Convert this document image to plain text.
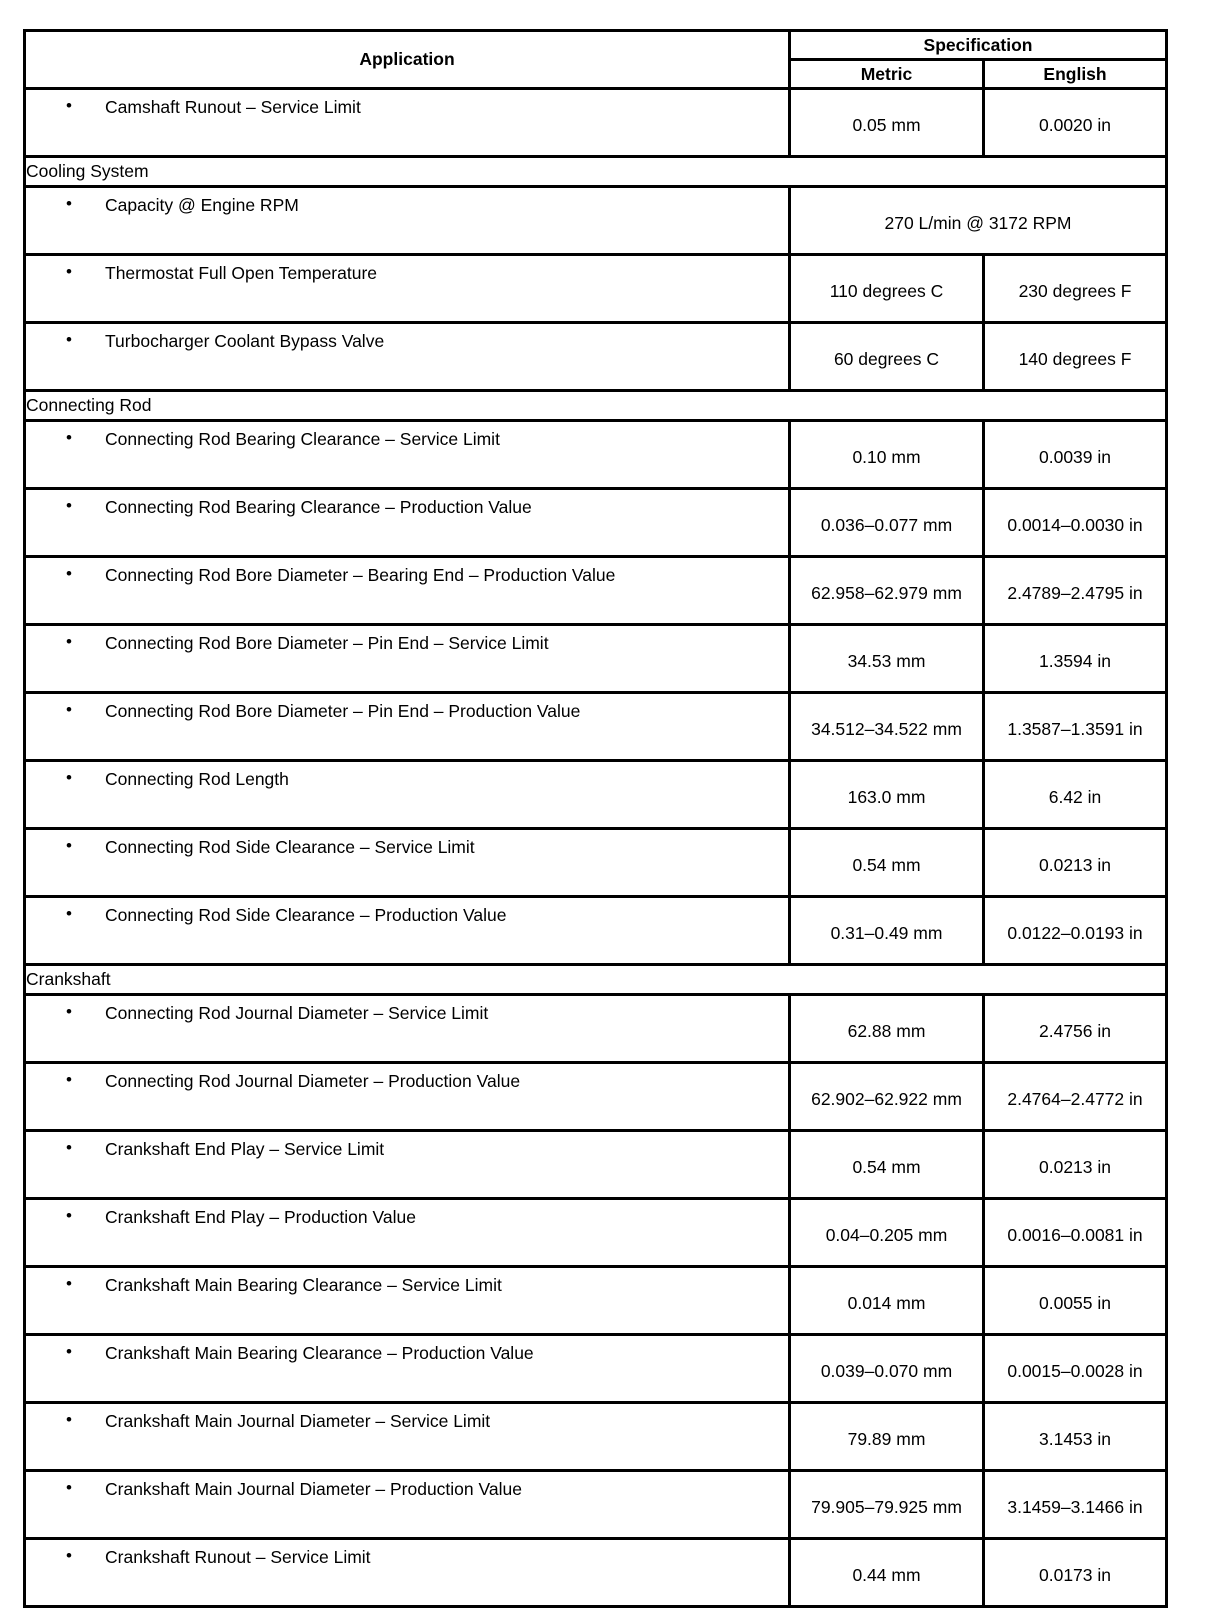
Application	Specification	
	Metric	English

• Camshaft Runout – Service Limit	0.05 mm	0.0020 in
Cooling System		

• Capacity @ Engine RPM	270 L/min @ 3172 RPM	

• Thermostat Full Open Temperature	110 degrees C	230 degrees F

• Turbocharger Coolant Bypass Valve	60 degrees C	140 degrees F
Connecting Rod		

• Connecting Rod Bearing Clearance – Service Limit	0.10 mm	0.0039 in

• Connecting Rod Bearing Clearance – Production Value	0.036–0.077 mm	0.0014–0.0030 in

• Connecting Rod Bore Diameter – Bearing End – Production Value	62.958–62.979 mm	2.4789–2.4795 in

• Connecting Rod Bore Diameter – Pin End – Service Limit	34.53 mm	1.3594 in

• Connecting Rod Bore Diameter – Pin End – Production Value	34.512–34.522 mm	1.3587–1.3591 in

• Connecting Rod Length	163.0 mm	6.42 in

• Connecting Rod Side Clearance – Service Limit	0.54 mm	0.0213 in

• Connecting Rod Side Clearance – Production Value	0.31–0.49 mm	0.0122–0.0193 in
Crankshaft		

• Connecting Rod Journal Diameter – Service Limit	62.88 mm	2.4756 in

• Connecting Rod Journal Diameter – Production Value	62.902–62.922 mm	2.4764–2.4772 in

• Crankshaft End Play – Service Limit	0.54 mm	0.0213 in

• Crankshaft End Play – Production Value	0.04–0.205 mm	0.0016–0.0081 in

• Crankshaft Main Bearing Clearance – Service Limit	0.014 mm	0.0055 in

• Crankshaft Main Bearing Clearance – Production Value	0.039–0.070 mm	0.0015–0.0028 in

• Crankshaft Main Journal Diameter – Service Limit	79.89 mm	3.1453 in

• Crankshaft Main Journal Diameter – Production Value	79.905–79.925 mm	3.1459–3.1466 in

• Crankshaft Runout – Service Limit	0.44 mm	0.0173 in
